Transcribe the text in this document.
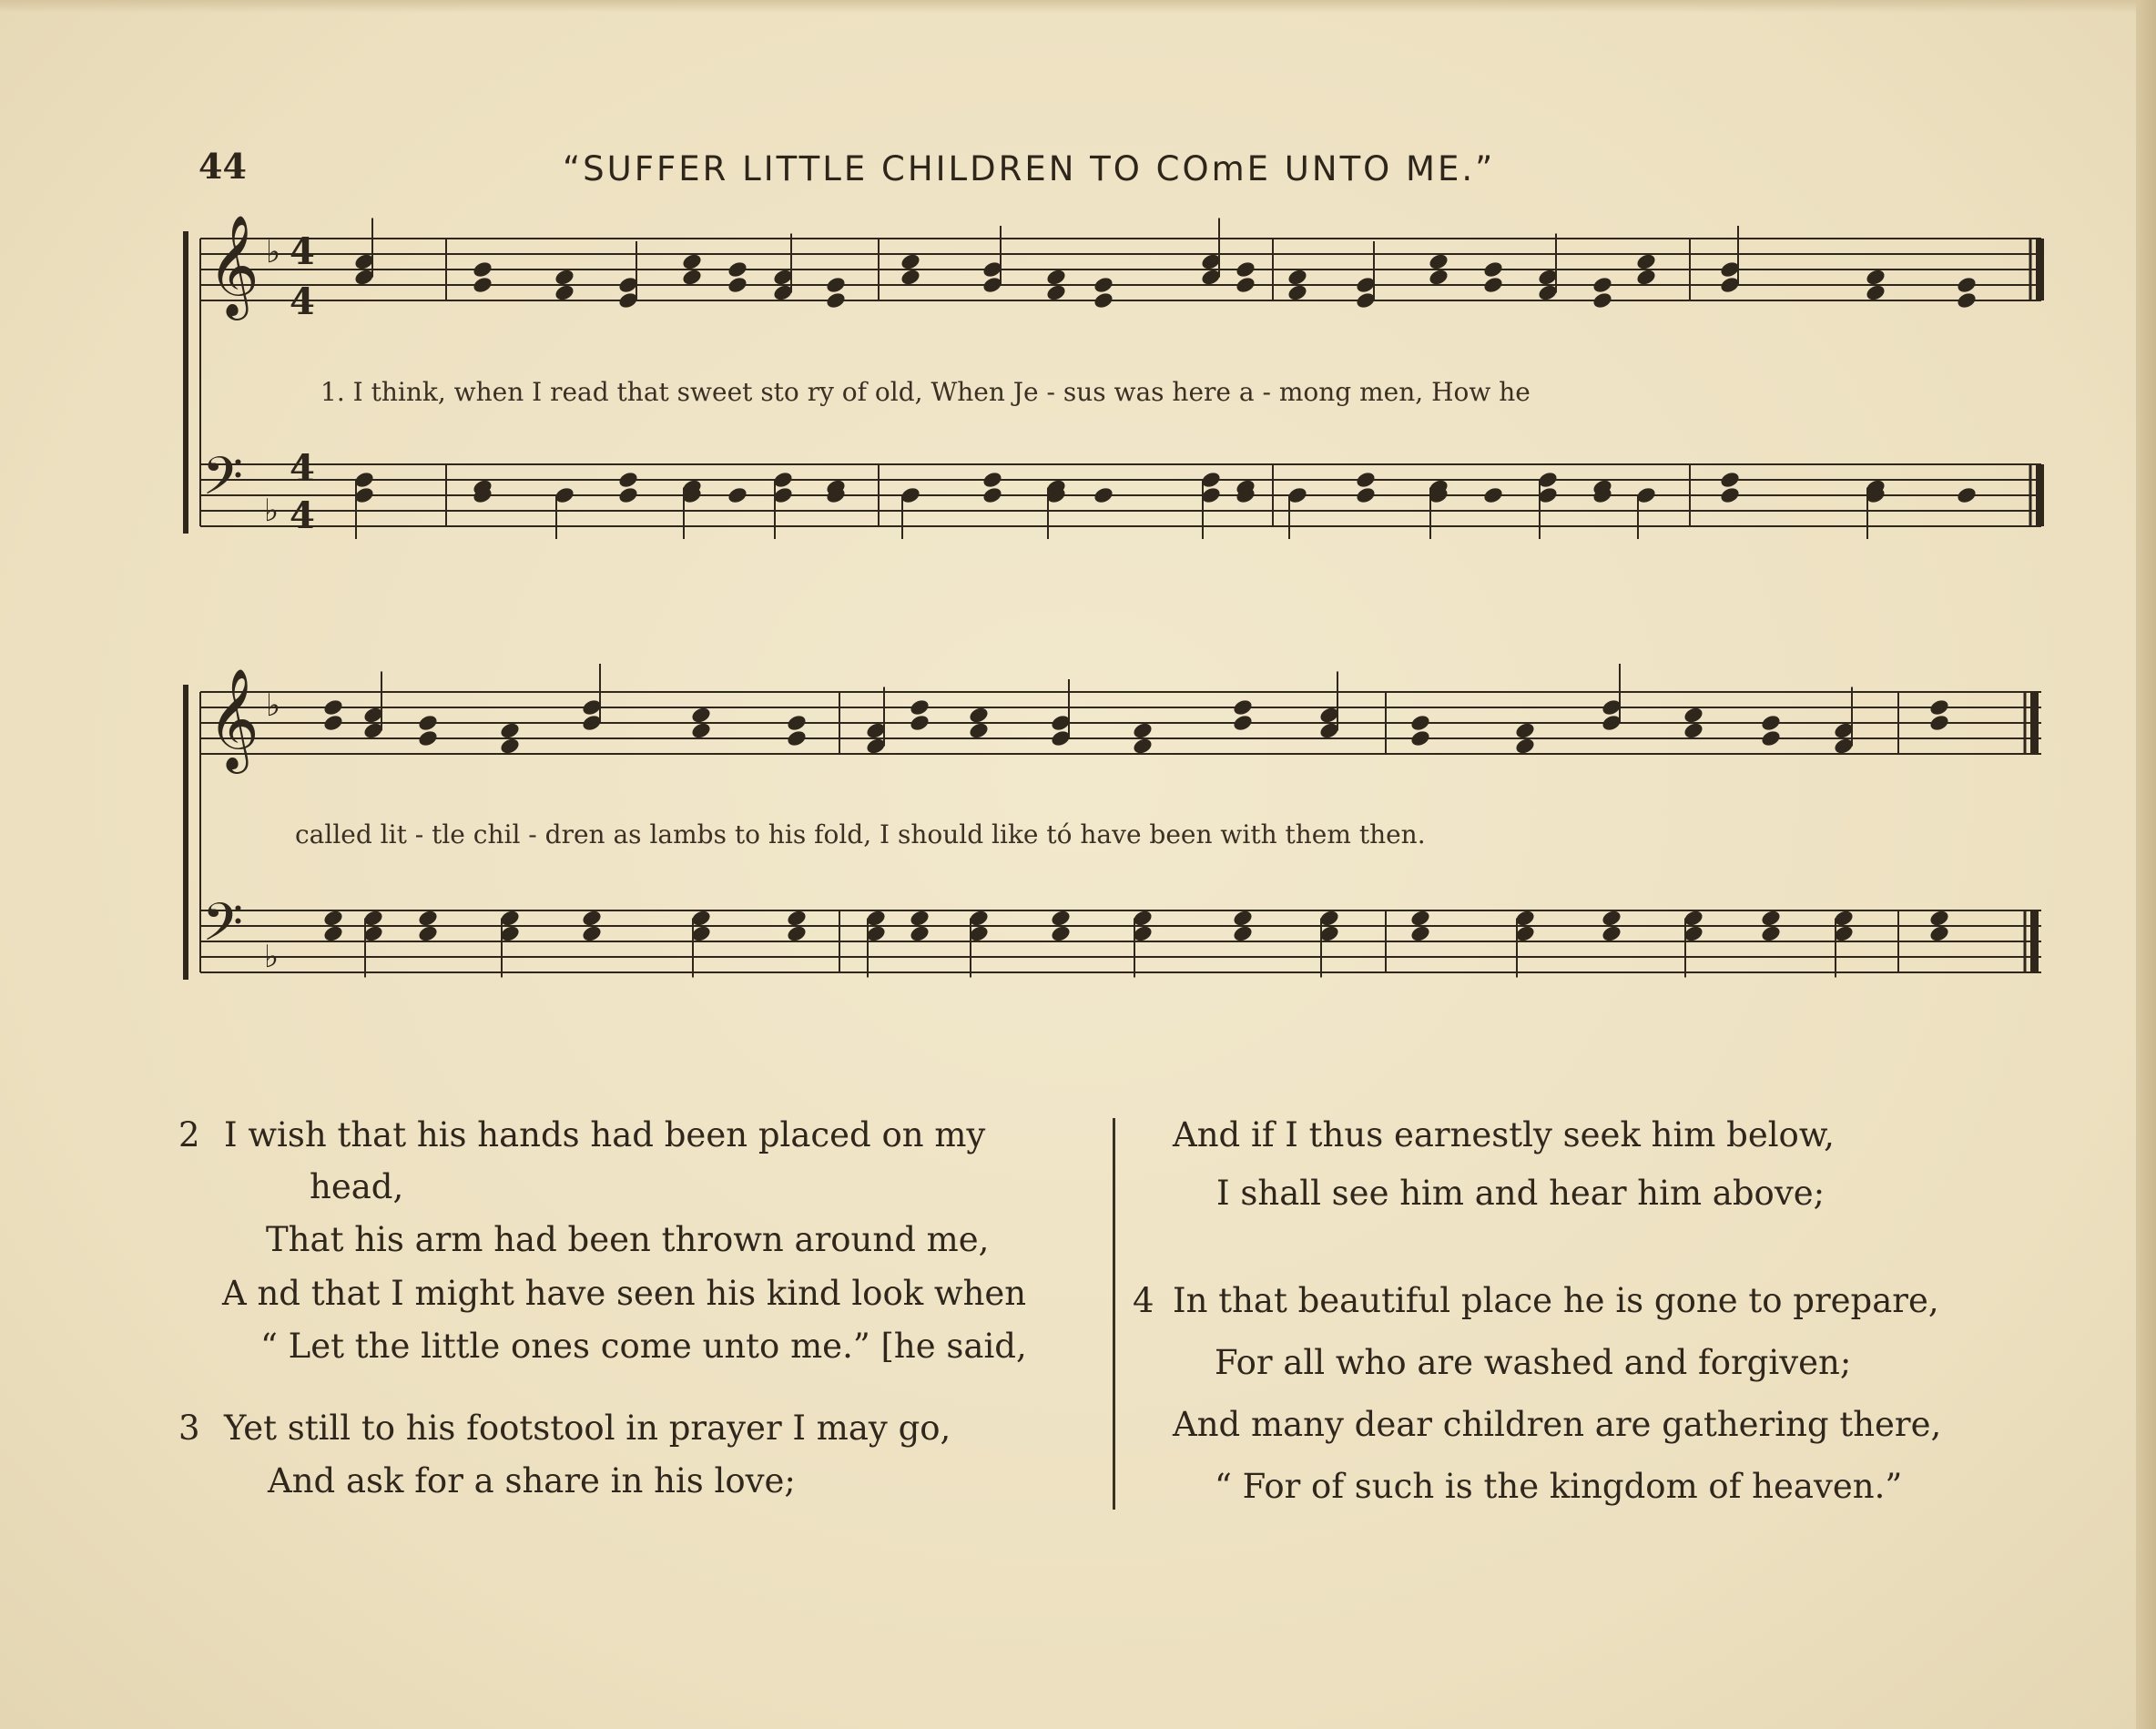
44	“SUFFER LITTLE CHILDREN TO COmE UNTO ME.”
𝄞
𝄞
𝄢
𝄢
♭
♭
♭
♭
4
4
4
4
1. I think, when I read that sweet sto ry of old, When Je - sus was here a - mong men, How he
called lit - tle chil - dren as lambs to his fold, I should like tó have been with them then.
2 I wish that his hands had been placed on my
head,
That his arm had been thrown around me,
A nd that I might have seen his kind look when
“ Let the little ones come unto me.” [he said,
3 Yet still to his footstool in prayer I may go,
And ask for a share in his love;
And if I thus earnestly seek him below,
I shall see him and hear him above;
4 In that beautiful place he is gone to prepare,
For all who are washed and forgiven;
And many dear children are gathering there,
“ For of such is the kingdom of heaven.”
